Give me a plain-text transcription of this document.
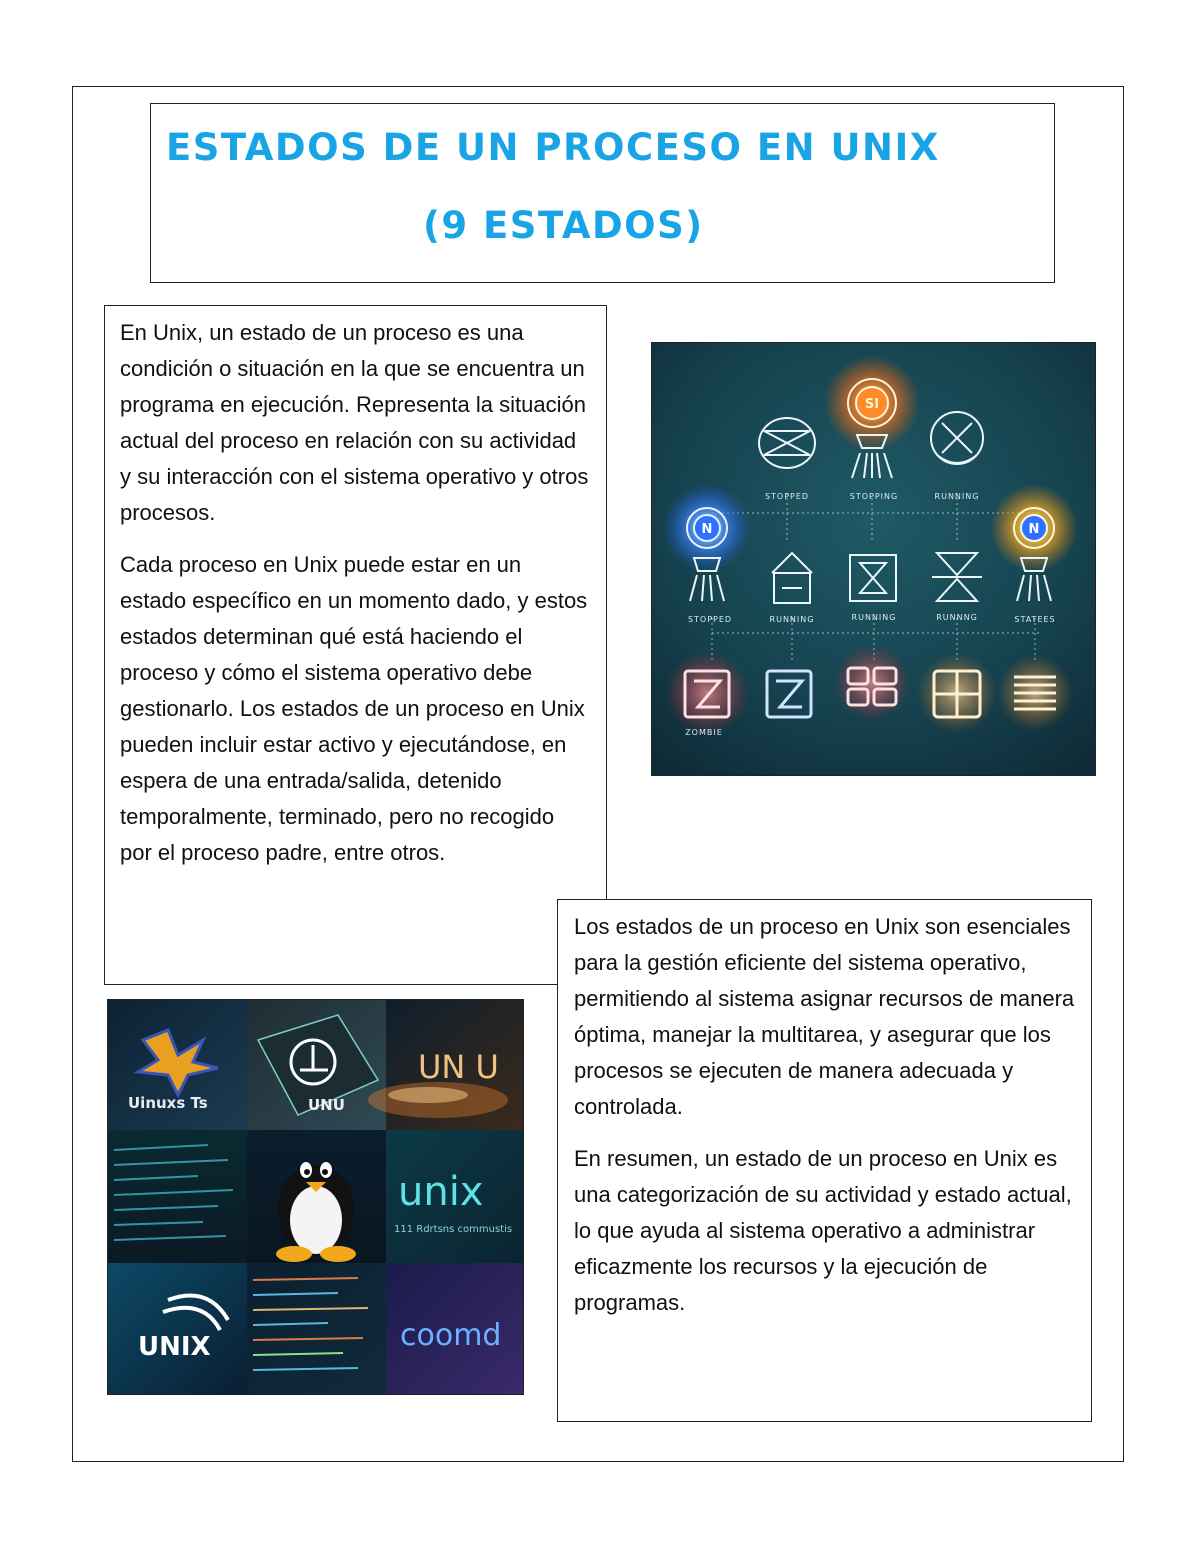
ESTADOS DE UN PROCESO EN UNIX
(9 ESTADOS)

En Unix, un estado de un proceso es una condición o situación en la que se encuentra un programa en ejecución. Representa la situación actual del proceso en relación con su actividad y su interacción con el sistema operativo y otros procesos.

Cada proceso en Unix puede estar en un estado específico en un momento dado, y estos estados determinan qué está haciendo el proceso y cómo el sistema operativo debe gestionarlo. Los estados de un proceso en Unix pueden incluir estar activo y ejecutándose, en espera de una entrada/salida, detenido temporalmente, terminado, pero no recogido por el proceso padre, entre otros.

STOPPED
SI
STOPPING	RUNNING
N
STOPPED	RUNNING	RUNNING	RUNNNG
N
STATEES
ZOMBIE
Uinuxs Ts	UNU
UN U
unix
111 Rdrtsns commustis
UNIX	coomd

Los estados de un proceso en Unix son esenciales para la gestión eficiente del sistema operativo, permitiendo al sistema asignar recursos de manera óptima, manejar la multitarea, y asegurar que los procesos se ejecuten de manera adecuada y controlada.

En resumen, un estado de un proceso en Unix es una categorización de su actividad y estado actual, lo que ayuda al sistema operativo a administrar eficazmente los recursos y la ejecución de programas.
